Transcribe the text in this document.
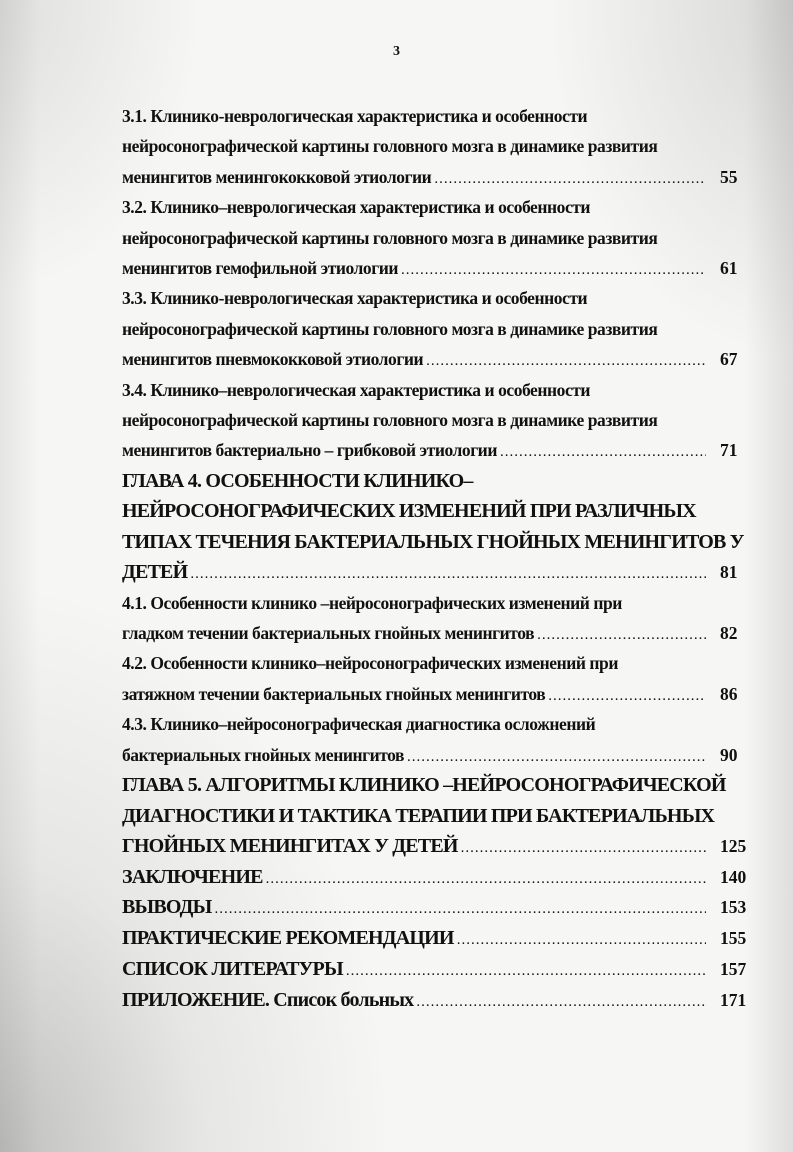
3
3.1. Клинико-неврологическая характеристика и особенности
нейросонографической картины головного мозга в динамике развития
менингитов менингококковой этиологии .....	55
3.2. Клинико–неврологическая характеристика и особенности
нейросонографической картины головного мозга в динамике развития
менингитов гемофильной этиологии .....	61
3.3. Клинико-неврологическая характеристика и особенности
нейросонографической картины головного мозга в динамике развития
менингитов пневмококковой этиологии .....	67
3.4. Клинико–неврологическая характеристика и особенности
нейросонографической картины головного мозга в динамике развития
менингитов бактериально – грибковой этиологии .....	71
ГЛАВА 4. ОСОБЕННОСТИ КЛИНИКО–
НЕЙРОСОНОГРАФИЧЕСКИХ ИЗМЕНЕНИЙ ПРИ РАЗЛИЧНЫХ
ТИПАХ ТЕЧЕНИЯ БАКТЕРИАЛЬНЫХ ГНОЙНЫХ МЕНИНГИТОВ У
ДЕТЕЙ .....	81
4.1. Особенности клинико –нейросонографических изменений при
гладком течении бактериальных гнойных менингитов .....	82
4.2. Особенности клинико–нейросонографических изменений при
затяжном течении бактериальных гнойных менингитов .....	86
4.3. Клинико–нейросонографическая диагностика осложнений
бактериальных гнойных менингитов .....	90
ГЛАВА 5. АЛГОРИТМЫ КЛИНИКО –НЕЙРОСОНОГРАФИЧЕСКОЙ
ДИАГНОСТИКИ И ТАКТИКА ТЕРАПИИ ПРИ БАКТЕРИАЛЬНЫХ
ГНОЙНЫХ МЕНИНГИТАХ У ДЕТЕЙ .....	125
ЗАКЛЮЧЕНИЕ .....	140
ВЫВОДЫ .....	153
ПРАКТИЧЕСКИЕ РЕКОМЕНДАЦИИ .....	155
СПИСОК ЛИТЕРАТУРЫ .....	157
ПРИЛОЖЕНИЕ. Список больных .....	171
